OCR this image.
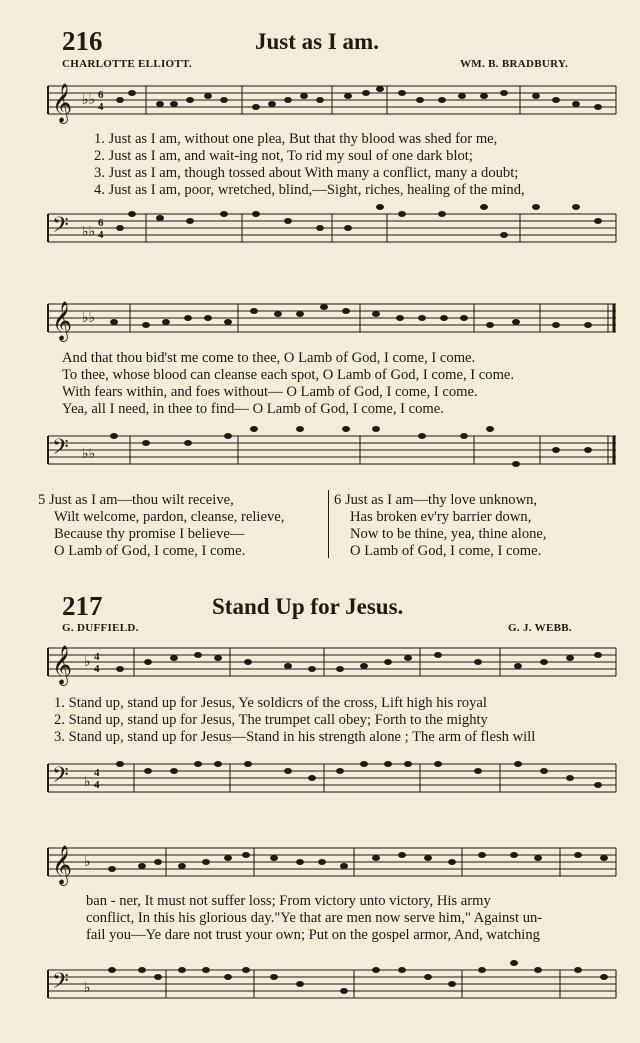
216	Just as I am.
CHARLOTTE ELLIOTT.	WM. B. BRADBURY.
𝄞 ♭♭ 6
4
1. Just as I am, without one plea, But that thy blood was shed for me,
2. Just as I am, and wait-ing not, To rid my soul of one dark blot;
3. Just as I am, though tossed about With many a conflict, many a doubt;
4. Just as I am, poor, wretched, blind,—Sight, riches, healing of the mind,
𝄢 ♭♭
6
4
𝄞 ♭♭
And that thou bid'st me come to thee, O Lamb of God, I come, I come.
To thee, whose blood can cleanse each spot, O Lamb of God, I come, I come.
With fears within, and foes without— O Lamb of God, I come, I come.
Yea, all I need, in thee to find— O Lamb of God, I come, I come.
𝄢 ♭♭
5 Just as I am—thou wilt receive,
Wilt welcome, pardon, cleanse, relieve,
Because thy promise I believe—
O Lamb of God, I come, I come.
6 Just as I am—thy love unknown,
Has broken ev'ry barrier down,
Now to be thine, yea, thine alone,
O Lamb of God, I come, I come.
217	Stand Up for Jesus.
G. DUFFIELD.	G. J. WEBB.
𝄞 ♭ 4
4
1. Stand up, stand up for Jesus, Ye soldicrs of the cross, Lift high his royal
2. Stand up, stand up for Jesus, The trumpet call obey; Forth to the mighty
3. Stand up, stand up for Jesus—Stand in his strength alone ; The arm of flesh will
𝄢 ♭
4
4
𝄞 ♭
ban - ner, It must not suffer loss; From victory unto victory, His army
conflict, In this his glorious day."Ye that are men now serve him," Against un-
fail you—Ye dare not trust your own; Put on the gospel armor, And, watching
𝄢 ♭
